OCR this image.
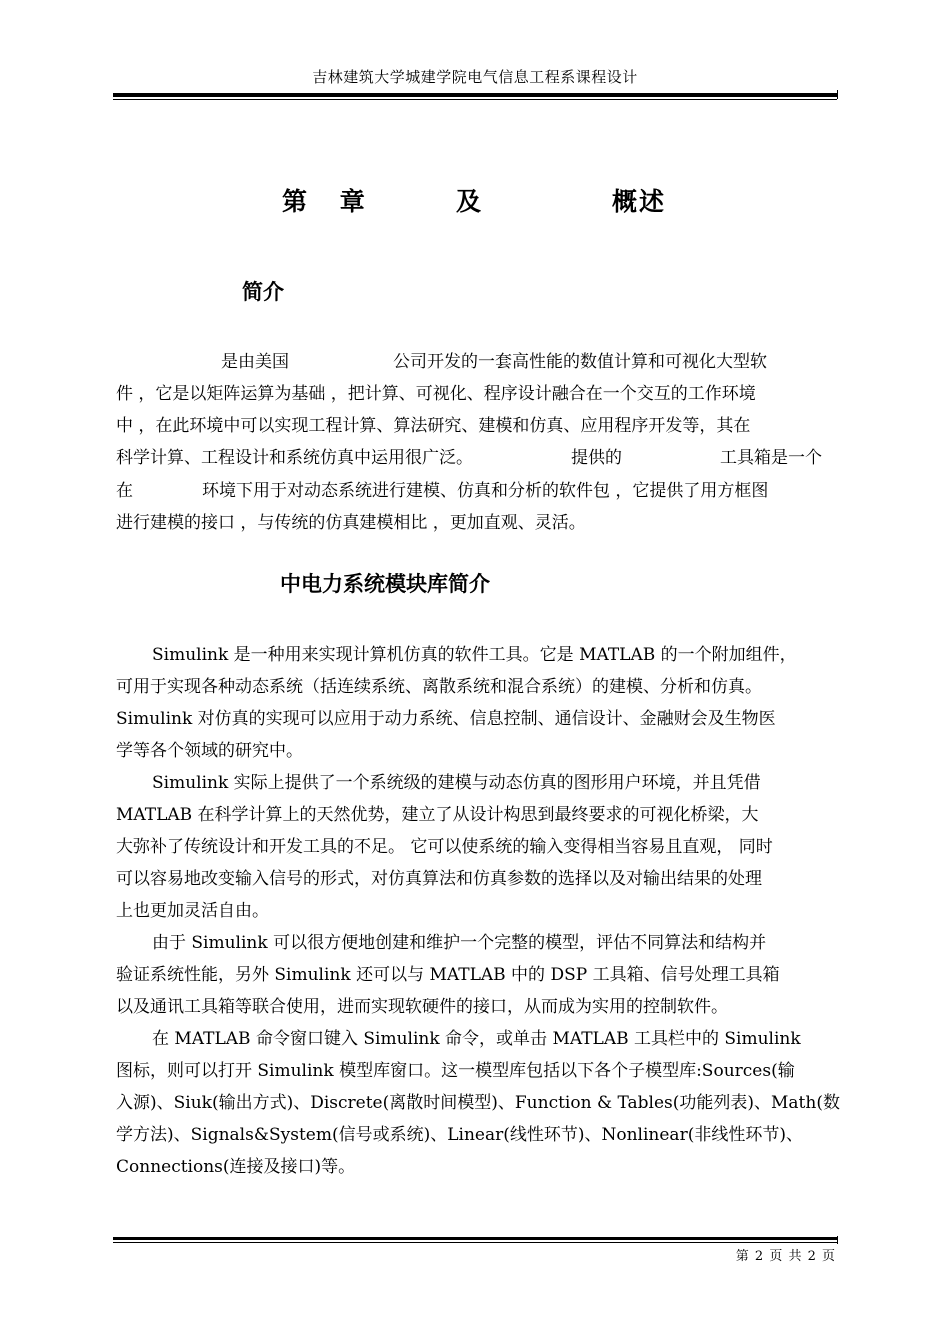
吉林建筑大学城建学院电气信息工程系课程设计
第 章	及	概述
简介
是由美国	公司开发的一套高性能的数值计算和可视化大型软
件 ，它是以矩阵运算为基础 ，把计算、可视化、程序设计融合在一个交互的工作环境
中 ，在此环境中可以实现工程计算、算法研究、建模和仿真、应用程序开发等，其在
科学计算、工程设计和系统仿真中运用很广泛。	提供的	工具箱是一个
在	环境下用于对动态系统进行建模、仿真和分析的软件包 ，它提供了用方框图
进行建模的接口 ，与传统的仿真建模相比 ，更加直观、灵活。
中电力系统模块库简介
Simulink 是一种用来实现计算机仿真的软件工具。它是 MATLAB 的一个附加组件，
可用于实现各种动态系统（括连续系统、离散系统和混合系统）的建模、分析和仿真。
Simulink 对仿真的实现可以应用于动力系统、信息控制、通信设计、金融财会及生物医
学等各个领域的研究中。
Simulink 实际上提供了一个系统级的建模与动态仿真的图形用户环境，并且凭借
MATLAB 在科学计算上的天然优势，建立了从设计构思到最终要求的可视化桥梁，大
大弥补了传统设计和开发工具的不足。 它可以使系统的输入变得相当容易且直观， 同时
可以容易地改变输入信号的形式，对仿真算法和仿真参数的选择以及对输出结果的处理
上也更加灵活自由。
由于 Simulink 可以很方便地创建和维护一个完整的模型，评估不同算法和结构并
验证系统性能，另外 Simulink 还可以与 MATLAB 中的 DSP 工具箱、信号处理工具箱
以及通讯工具箱等联合使用，进而实现软硬件的接口，从而成为实用的控制软件。
在 MATLAB 命令窗口键入 Simulink 命令，或单击 MATLAB 工具栏中的 Simulink
图标，则可以打开 Simulink 模型库窗口。这一模型库包括以下各个子模型库:Sources(输
入源)、Siuk(输出方式)、Discrete(离散时间模型)、Function & Tables(功能列表)、Math(数
学方法)、Signals&System(信号或系统)、Linear(线性环节)、Nonlinear(非线性环节)、
Connections(连接及接口)等。
第 2 页 共 2 页
